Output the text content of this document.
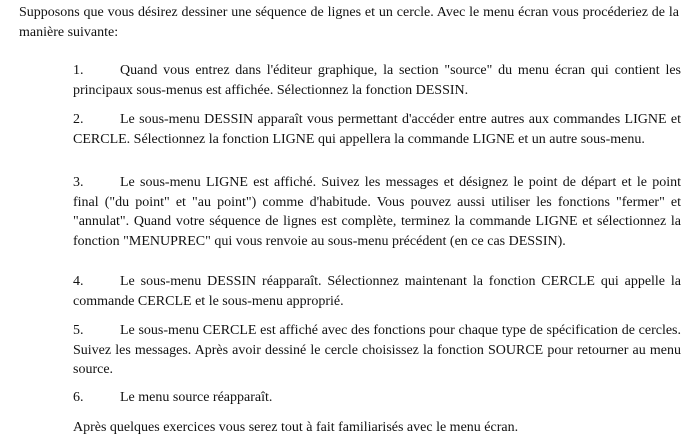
Supposons que vous désirez dessiner une séquence de lignes et un cercle. Avec le menu écran vous procéderiez de la manière suivante:

1.	Quand vous entrez dans l'éditeur graphique, la section "source" du menu écran qui contient les principaux sous-menus est affichée. Sélectionnez la fonction DESSIN.

2.	Le sous-menu DESSIN apparaît vous permettant d'accéder entre autres aux commandes LIGNE et CERCLE. Sélectionnez la fonction LIGNE qui appellera la commande LIGNE et un autre sous-menu.

3.	Le sous-menu LIGNE est affiché. Suivez les messages et désignez le point de départ et le point final ("du point" et "au point") comme d'habitude. Vous pouvez aussi utiliser les fonctions "fermer" et "annulat". Quand votre séquence de lignes est complète, terminez la commande LIGNE et sélectionnez la fonction "MENUPREC" qui vous renvoie au sous-menu précédent (en ce cas DESSIN).

4.	Le sous-menu DESSIN réapparaît. Sélectionnez maintenant la fonction CERCLE qui appelle la commande CERCLE et le sous-menu approprié.

5.	Le sous-menu CERCLE est affiché avec des fonctions pour chaque type de spécification de cercles. Suivez les messages. Après avoir dessiné le cercle choisissez la fonction SOURCE pour retourner au menu source.

6.	Le menu source réapparaît.

Après quelques exercices vous serez tout à fait familiarisés avec le menu écran.
